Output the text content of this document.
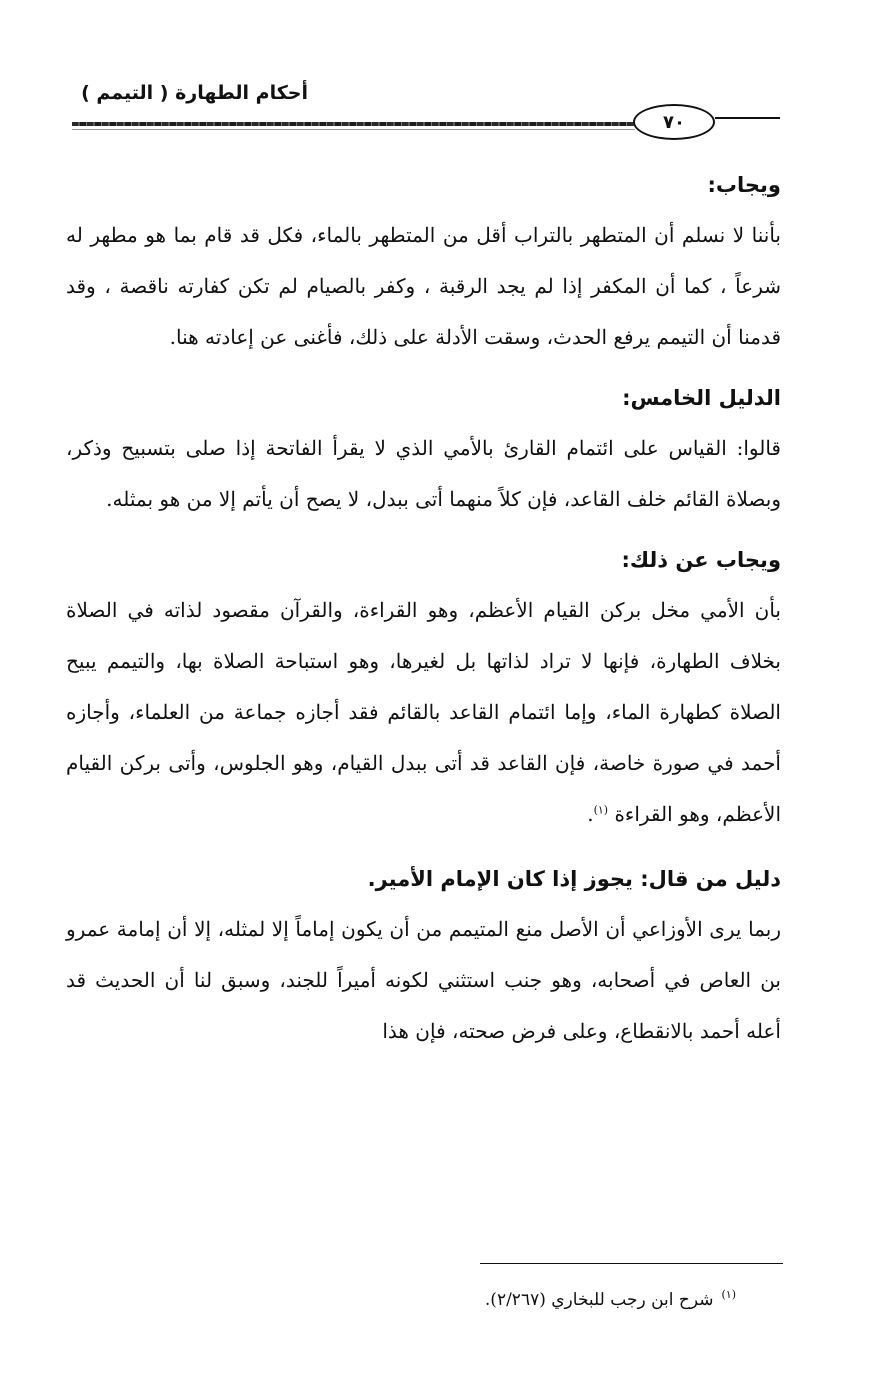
أحكام الطهارة ( التيمم )
٧٠

ويجاب:

بأننا لا نسلم أن المتطهر بالتراب أقل من المتطهر بالماء، فكل قد قام بما هو مطهر له شرعاً ، كما أن المكفر إذا لم يجد الرقبة ، وكفر بالصيام لم تكن كفارته ناقصة ، وقد قدمنا أن التيمم يرفع الحدث، وسقت الأدلة على ذلك، فأغنى عن إعادته هنا.

الدليل الخامس:

قالوا: القياس على ائتمام القارئ بالأمي الذي لا يقرأ الفاتحة إذا صلى بتسبيح وذكر، وبصلاة القائم خلف القاعد، فإن كلاً منهما أتى ببدل، لا يصح أن يأتم إلا من هو بمثله.

ويجاب عن ذلك:

بأن الأمي مخل بركن القيام الأعظم، وهو القراءة، والقرآن مقصود لذاته في الصلاة بخلاف الطهارة، فإنها لا تراد لذاتها بل لغيرها، وهو استباحة الصلاة بها، والتيمم يبيح الصلاة كطهارة الماء، وإما ائتمام القاعد بالقائم فقد أجازه جماعة من العلماء، وأجازه أحمد في صورة خاصة، فإن القاعد قد أتى ببدل القيام، وهو الجلوس، وأتى بركن القيام الأعظم، وهو القراءة $^{(١)}$.

دليل من قال: يجوز إذا كان الإمام الأمير.

ربما يرى الأوزاعي أن الأصل منع المتيمم من أن يكون إماماً إلا لمثله، إلا أن إمامة عمرو بن العاص في أصحابه، وهو جنب استثني لكونه أميراً للجند، وسبق لنا أن الحديث قد أعله أحمد بالانقطاع، وعلى فرض صحته، فإن هذا

$^{(١)}$شرح ابن رجب للبخاري (٢/٢٦٧).
